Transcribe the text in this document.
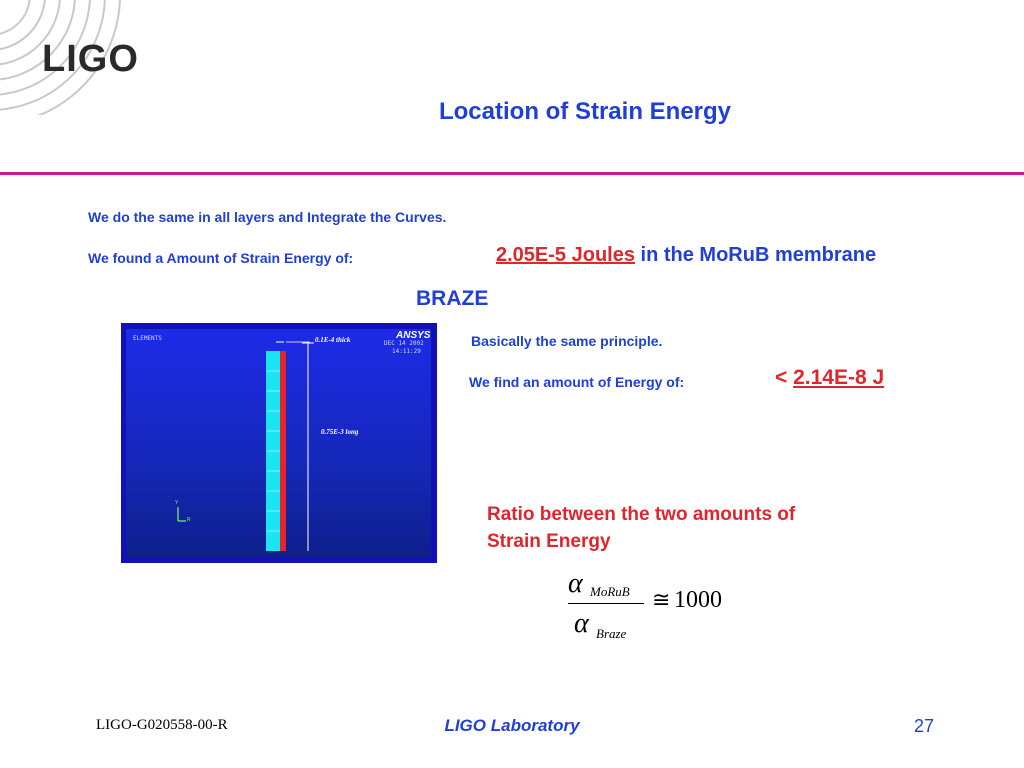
LIGO
Location of Strain Energy
We do the same in all layers and Integrate the Curves.
We found a Amount of Strain Energy of:	2.05E-5 Joules in the MoRuB membrane
BRAZE
ELEMENTS	ANSYS
DEC 14 2002
14:11:29
0.1E-4 thick
0.75E-3 long
Y
R
Basically the same principle.
We find an amount of Energy of:	< 2.14E-8 J
Ratio between the two amounts of
Strain Energy
α MoRuB
α Braze
≅ 1000
LIGO-G020558-00-R	LIGO Laboratory	27
